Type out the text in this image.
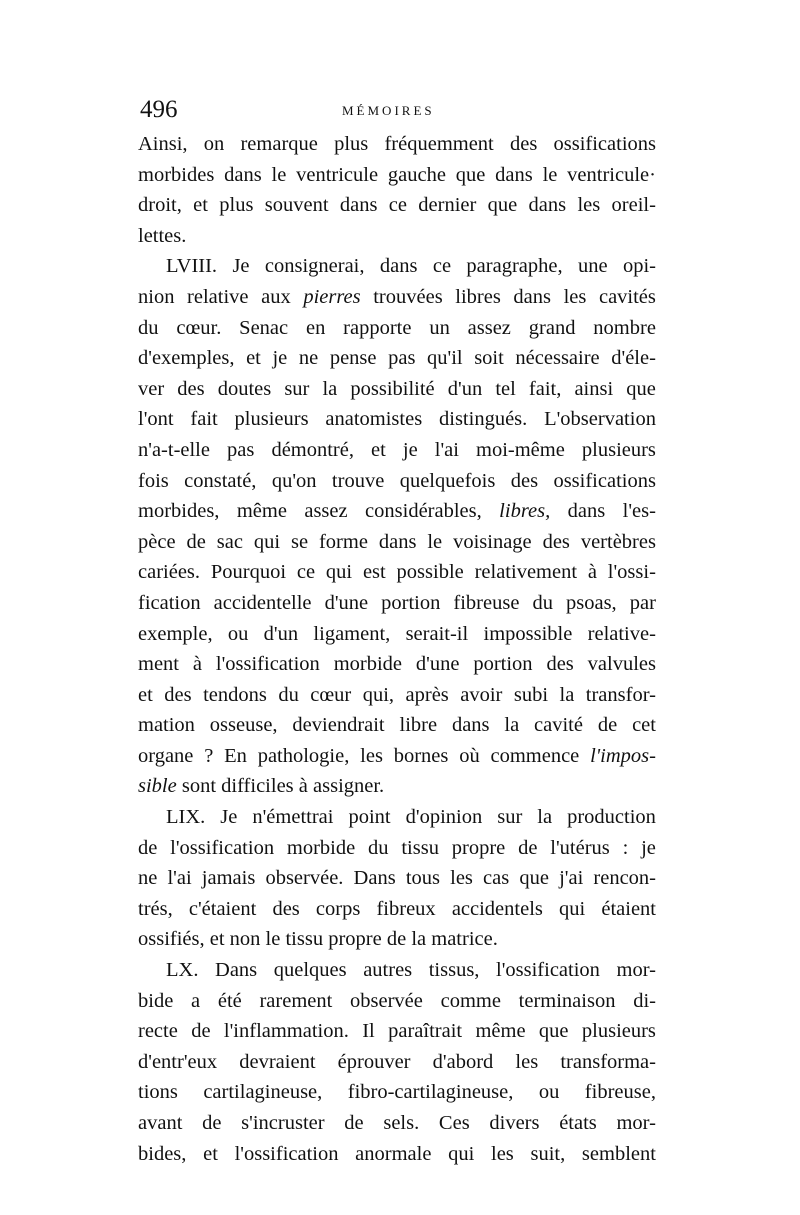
496	MÉMOIRES
Ainsi, on remarque plus fréquemment des ossifications
morbides dans le ventricule gauche que dans le ventricule·
droit, et plus souvent dans ce dernier que dans les oreil-
lettes.
LVIII. Je consignerai, dans ce paragraphe, une opi-
nion relative aux pierres trouvées libres dans les cavités
du cœur. Senac en rapporte un assez grand nombre
d'exemples, et je ne pense pas qu'il soit nécessaire d'éle-
ver des doutes sur la possibilité d'un tel fait, ainsi que
l'ont fait plusieurs anatomistes distingués. L'observation
n'a-t-elle pas démontré, et je l'ai moi-même plusieurs
fois constaté, qu'on trouve quelquefois des ossifications
morbides, même assez considérables, libres, dans l'es-
pèce de sac qui se forme dans le voisinage des vertèbres
cariées. Pourquoi ce qui est possible relativement à l'ossi-
fication accidentelle d'une portion fibreuse du psoas, par
exemple, ou d'un ligament, serait-il impossible relative-
ment à l'ossification morbide d'une portion des valvules
et des tendons du cœur qui, après avoir subi la transfor-
mation osseuse, deviendrait libre dans la cavité de cet
organe ? En pathologie, les bornes où commence l'impos-
sible sont difficiles à assigner.
LIX. Je n'émettrai point d'opinion sur la production
de l'ossification morbide du tissu propre de l'utérus : je
ne l'ai jamais observée. Dans tous les cas que j'ai rencon-
trés, c'étaient des corps fibreux accidentels qui étaient
ossifiés, et non le tissu propre de la matrice.
LX. Dans quelques autres tissus, l'ossification mor-
bide a été rarement observée comme terminaison di-
recte de l'inflammation. Il paraîtrait même que plusieurs
d'entr'eux devraient éprouver d'abord les transforma-
tions cartilagineuse, fibro-cartilagineuse, ou fibreuse,
avant de s'incruster de sels. Ces divers états mor-
bides, et l'ossification anormale qui les suit, semblent
